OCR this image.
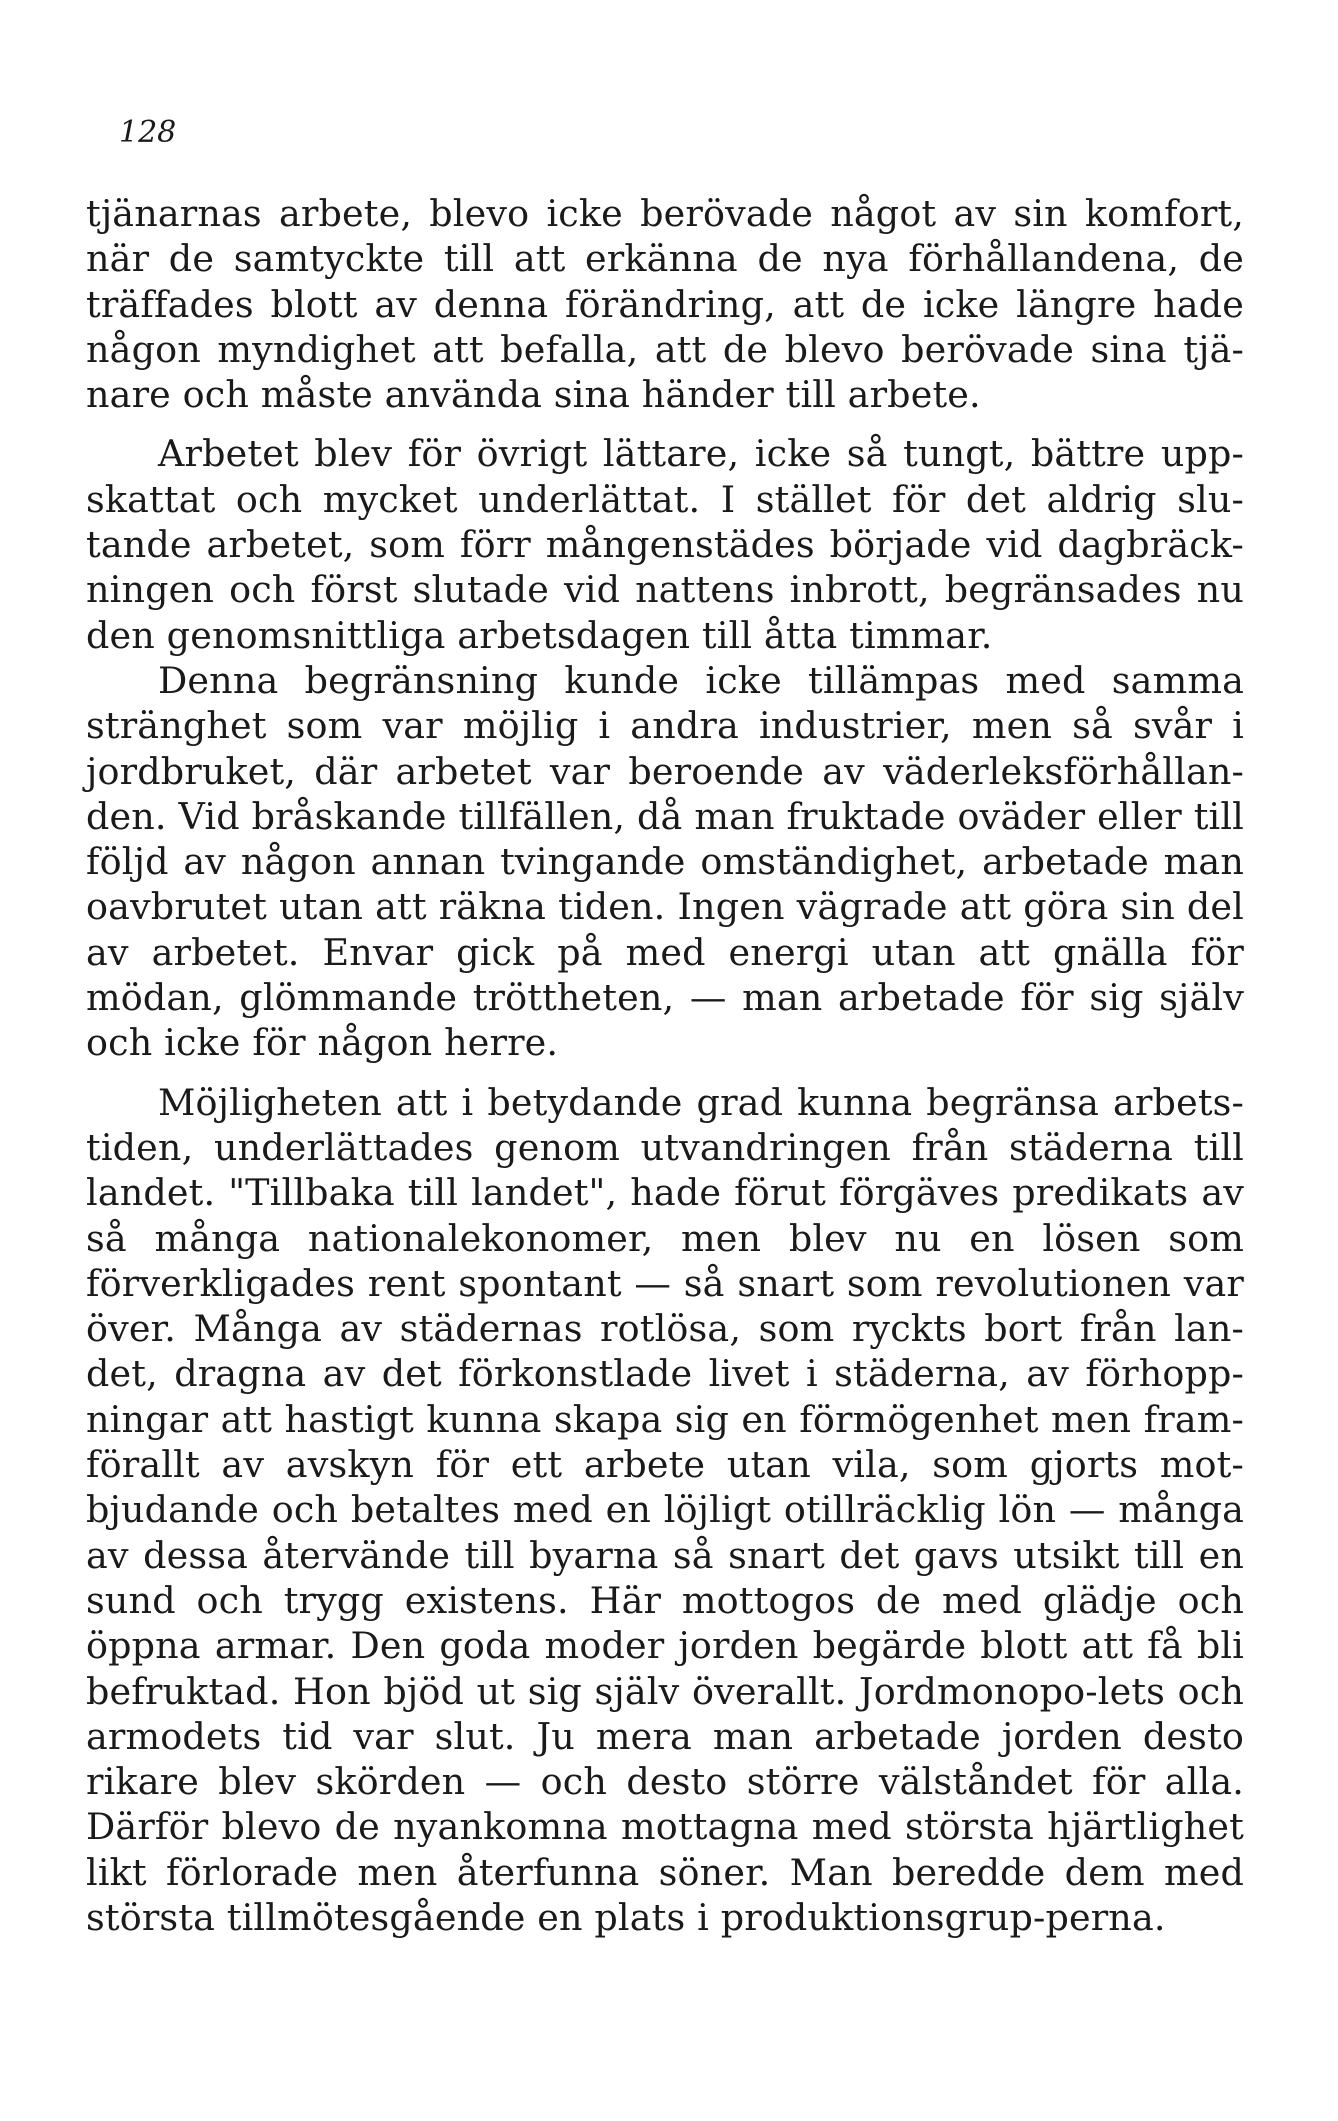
128

tjänarnas arbete, blevo icke berövade något av sin komfort, när de samtyckte till att erkänna de nya förhållandena, de träffades blott av denna förändring, att de icke längre hade någon myndighet att befalla, att de blevo berövade sina tjä-nare och måste använda sina händer till arbete.

Arbetet blev för övrigt lättare, icke så tungt, bättre upp-skattat och mycket underlättat. I stället för det aldrig slu-tande arbetet, som förr mångenstädes började vid dagbräck-ningen och först slutade vid nattens inbrott, begränsades nu den genomsnittliga arbetsdagen till åtta timmar.

Denna begränsning kunde icke tillämpas med samma stränghet som var möjlig i andra industrier, men så svår i jordbruket, där arbetet var beroende av väderleksförhållan-den. Vid bråskande tillfällen, då man fruktade oväder eller till följd av någon annan tvingande omständighet, arbetade man oavbrutet utan att räkna tiden. Ingen vägrade att göra sin del av arbetet. Envar gick på med energi utan att gnälla för mödan, glömmande tröttheten, — man arbetade för sig själv och icke för någon herre.

Möjligheten att i betydande grad kunna begränsa arbets-tiden, underlättades genom utvandringen från städerna till landet. "Tillbaka till landet", hade förut förgäves predikats av så många nationalekonomer, men blev nu en lösen som förverkligades rent spontant — så snart som revolutionen var över. Många av städernas rotlösa, som ryckts bort från lan-det, dragna av det förkonstlade livet i städerna, av förhopp-ningar att hastigt kunna skapa sig en förmögenhet men fram-förallt av avskyn för ett arbete utan vila, som gjorts mot-bjudande och betaltes med en löjligt otillräcklig lön — många av dessa återvände till byarna så snart det gavs utsikt till en sund och trygg existens. Här mottogos de med glädje och öppna armar. Den goda moder jorden begärde blott att få bli befruktad. Hon bjöd ut sig själv överallt. Jordmonopo-lets och armodets tid var slut. Ju mera man arbetade jorden desto rikare blev skörden — och desto större välståndet för alla. Därför blevo de nyankomna mottagna med största hjärtlighet likt förlorade men återfunna söner. Man beredde dem med största tillmötesgående en plats i produktionsgrup-perna.
